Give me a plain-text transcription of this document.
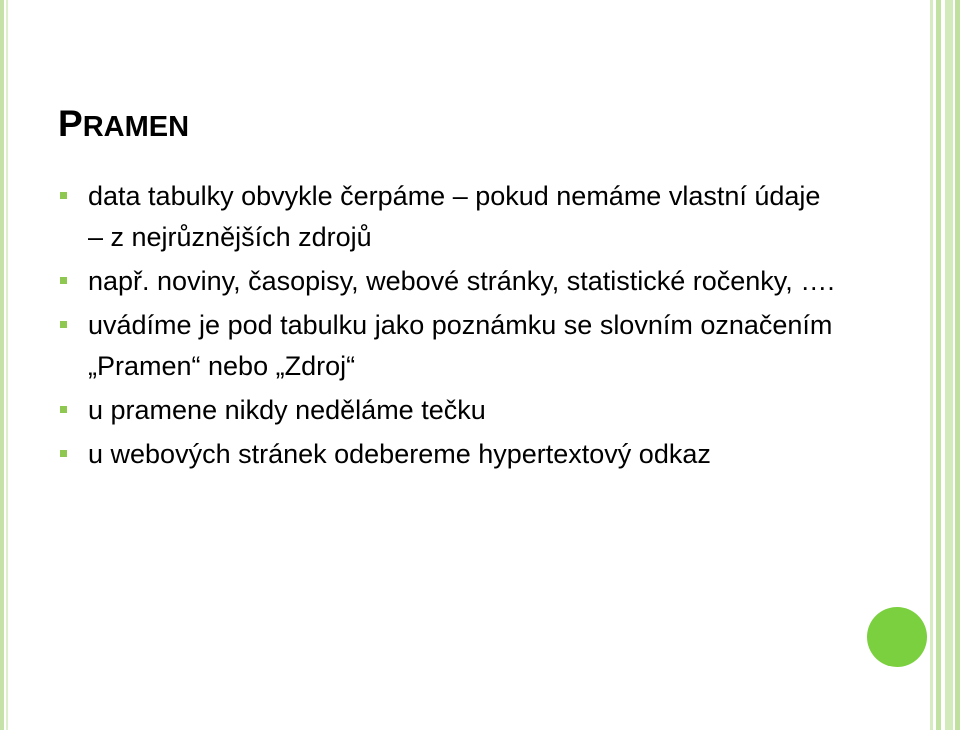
PRAMEN
data tabulky obvykle čerpáme – pokud nemáme vlastní údaje – z nejrůznějších zdrojů
např. noviny, časopisy, webové stránky, statistické ročenky, ….
uvádíme je pod tabulku jako poznámku se slovním označením „Pramen“ nebo „Zdroj“
u pramene nikdy neděláme tečku
u webových stránek odebereme hypertextový odkaz
